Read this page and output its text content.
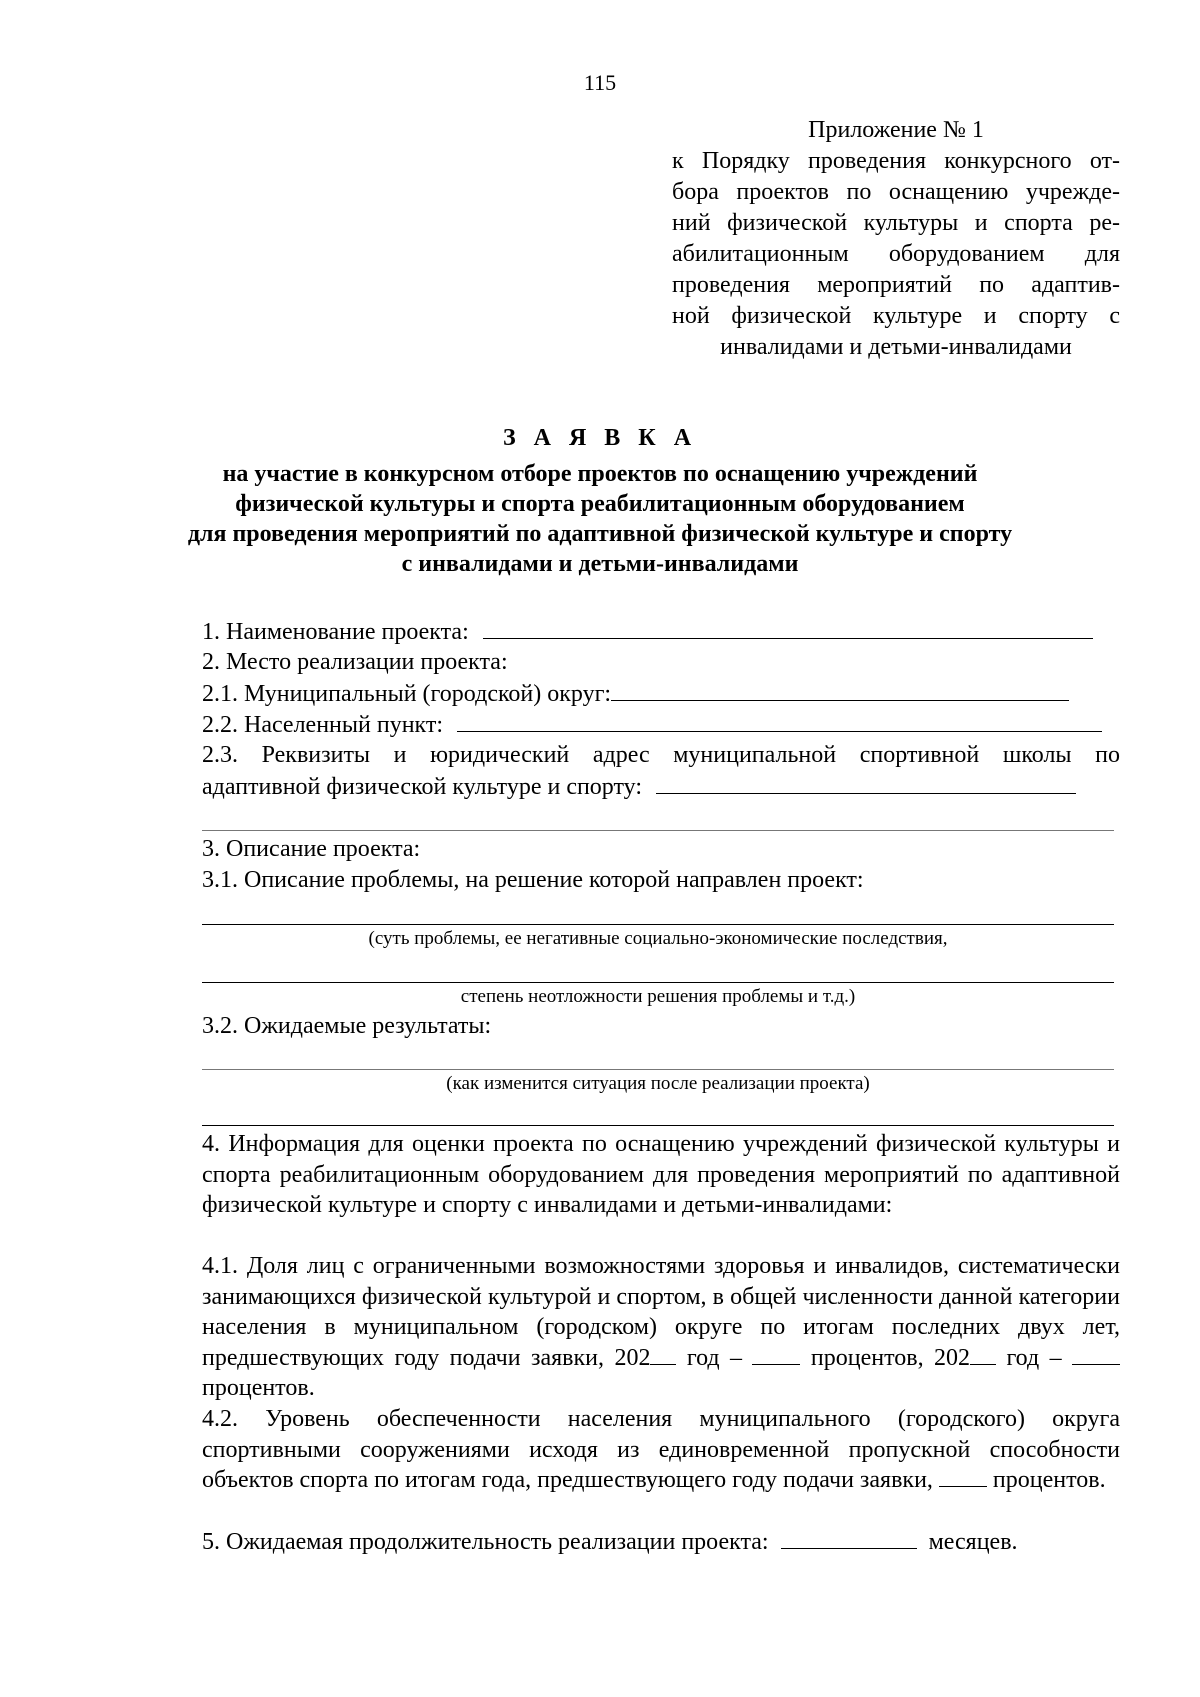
115
Приложение № 1
к Порядку проведения конкурсного от-
бора проектов по оснащению учрежде-
ний физической культуры и спорта ре-
абилитационным оборудованием для
проведения мероприятий по адаптив-
ной физической культуре и спорту с
инвалидами и детьми-инвалидами
З А Я В К А
на участие в конкурсном отборе проектов по оснащению учреждений
физической культуры и спорта реабилитационным оборудованием
для проведения мероприятий по адаптивной физической культуре и спорту
с инвалидами и детьми-инвалидами
1. Наименование проекта:
2. Место реализации проекта:
2.1. Муниципальный (городской) округ:
2.2. Населенный пункт:
2.3. Реквизиты и юридический адрес муниципальной спортивной школы по
адаптивной физической культуре и спорту:
3. Описание проекта:
3.1. Описание проблемы, на решение которой направлен проект:
(суть проблемы, ее негативные социально-экономические последствия,
степень неотложности решения проблемы и т.д.)
3.2. Ожидаемые результаты:
(как изменится ситуация после реализации проекта)
4. Информация для оценки проекта по оснащению учреждений физической культуры и спорта реабилитационным оборудованием для проведения мероприятий по адаптивной физической культуре и спорту с инвалидами и детьми-инвалидами:
4.1. Доля лиц с ограниченными возможностями здоровья и инвалидов, систематически занимающихся физической культурой и спортом, в общей численности данной категории населения в муниципальном (городском) округе по итогам последних двух лет, предшествующих году подачи заявки, 202 год –	процентов, 202 год –  процентов.
4.2. Уровень обеспеченности населения муниципального (городского) округа спортивными сооружениями исходя из единовременной пропускной способности объектов спорта по итогам года, предшествующего году подачи заявки,	процентов.
5. Ожидаемая продолжительность реализации проекта:	месяцев.
